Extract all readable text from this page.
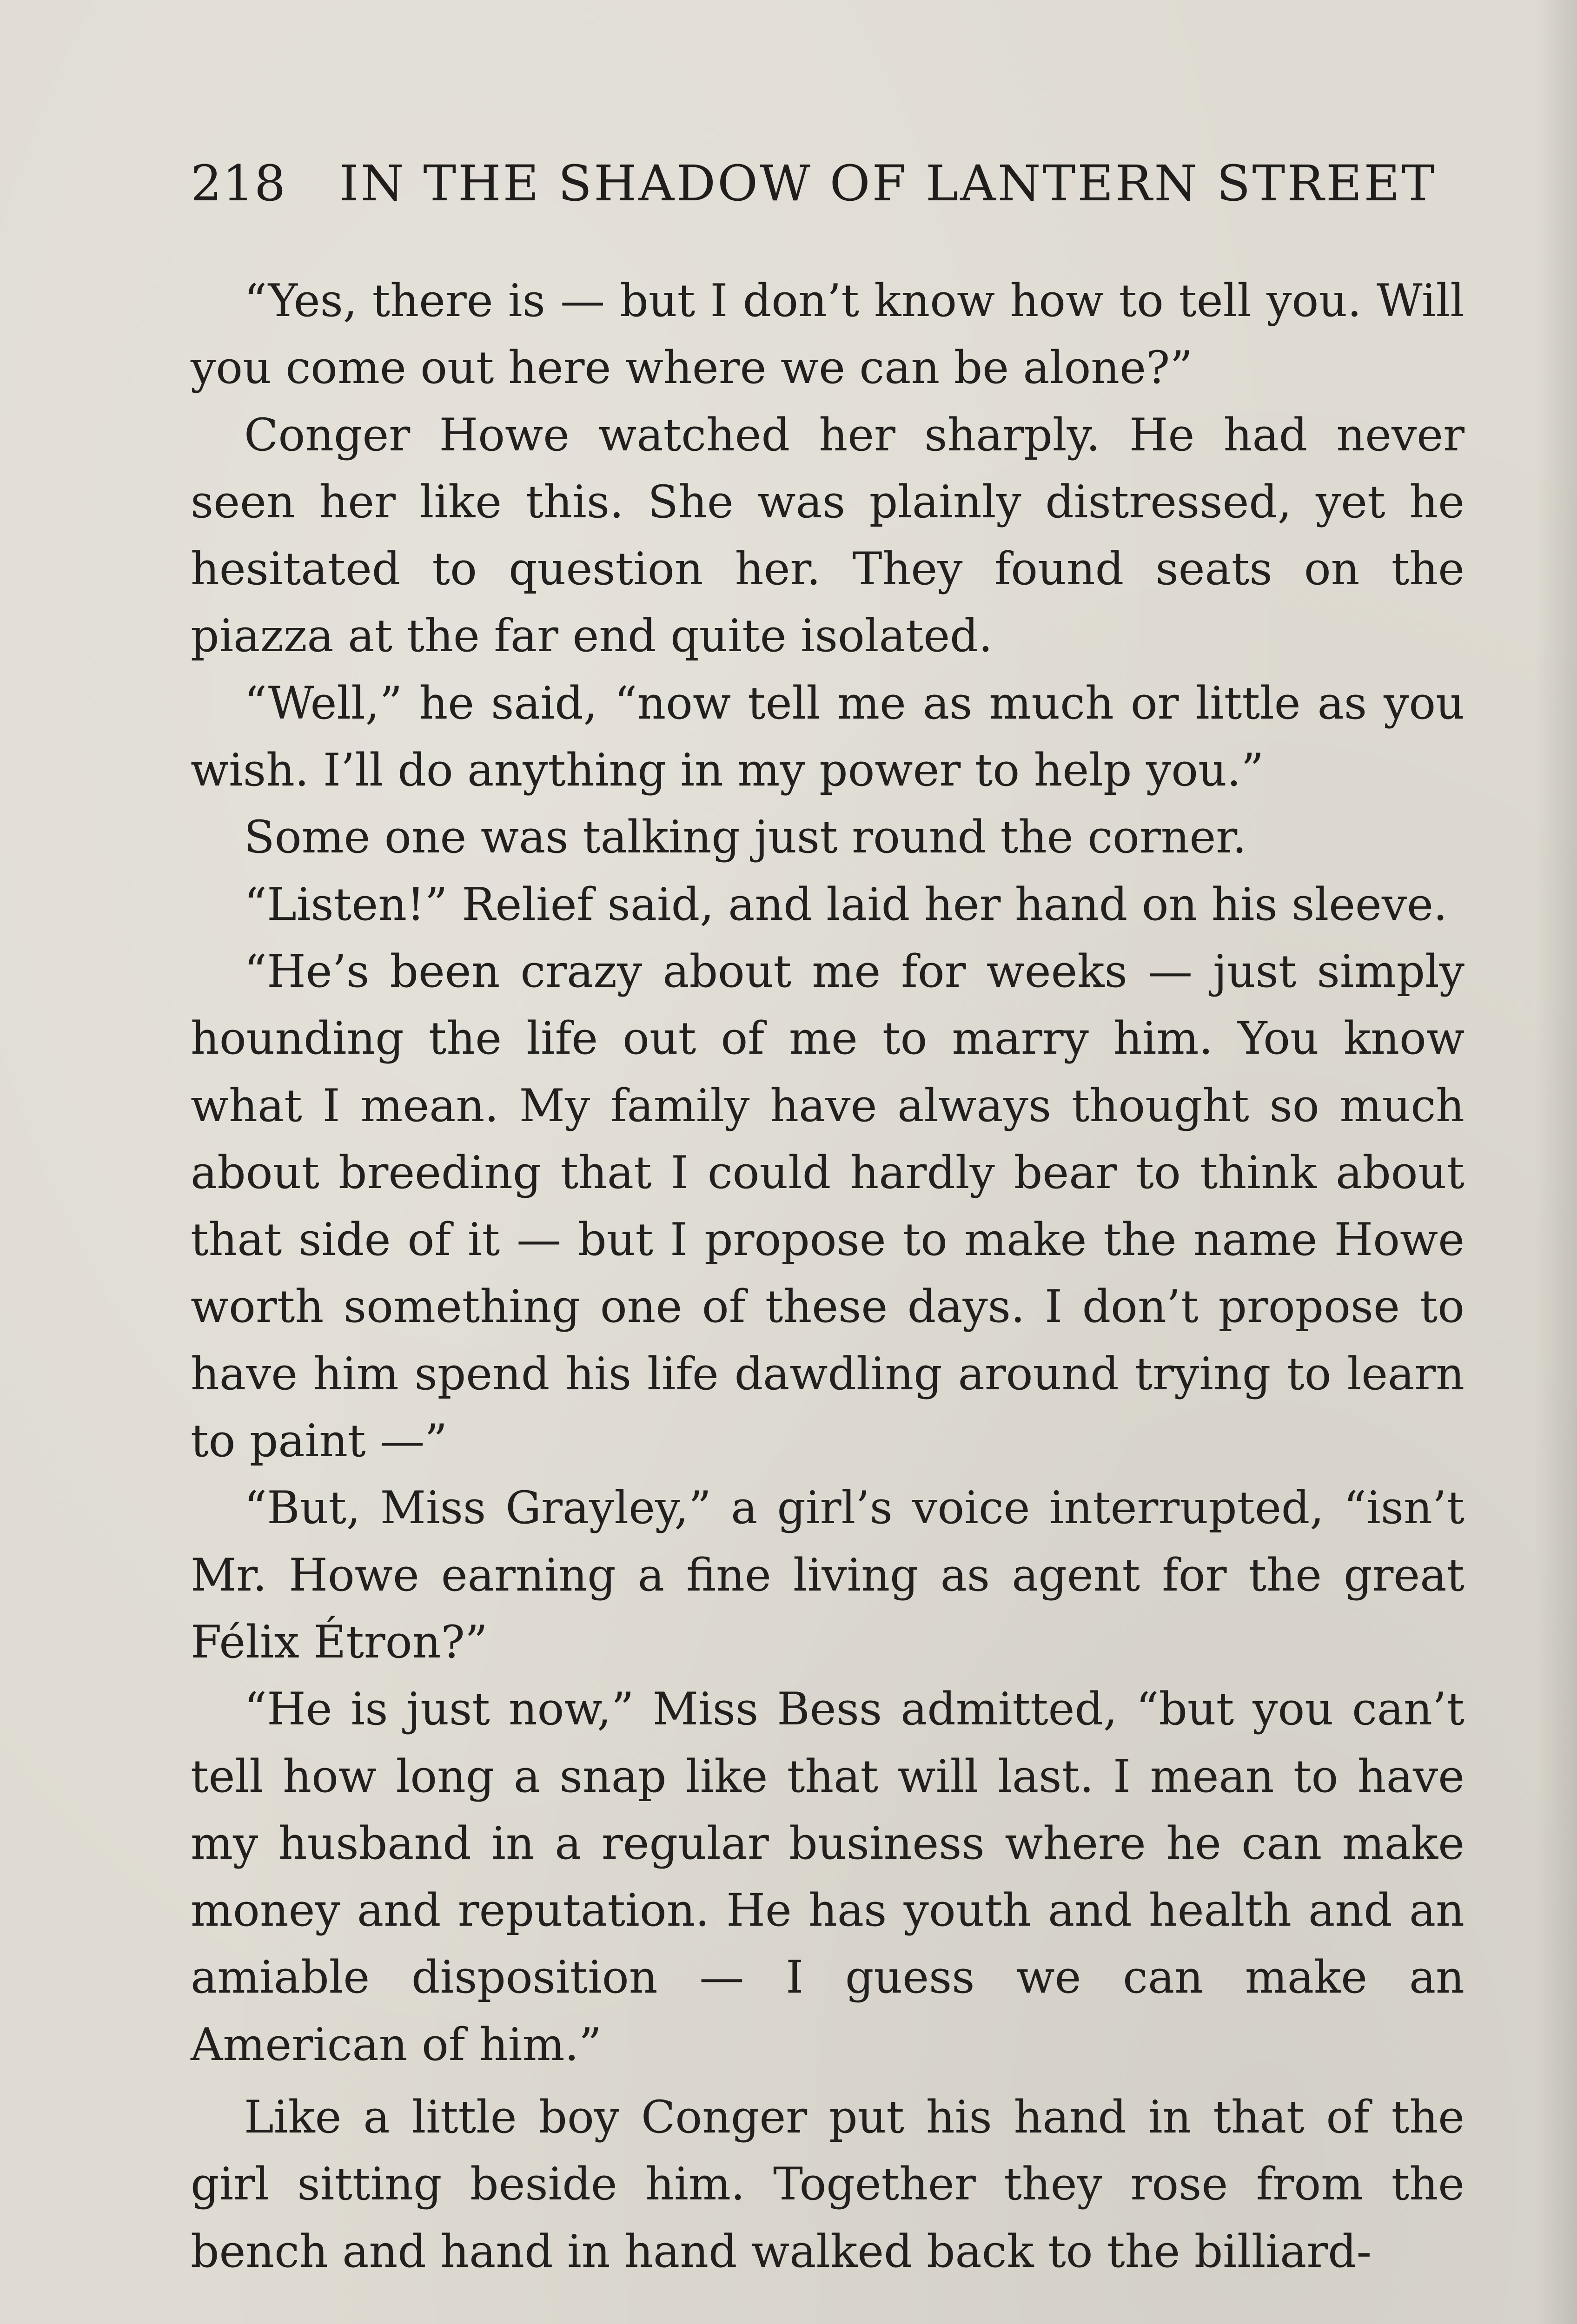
218 IN THE SHADOW OF LANTERN STREET

“Yes, there is — but I don’t know how to tell you. Will you come out here where we can be alone?”

Conger Howe watched her sharply. He had never seen her like this. She was plainly distressed, yet he hesitated to question her. They found seats on the piazza at the far end quite isolated.

“Well,” he said, “now tell me as much or little as you wish. I’ll do anything in my power to help you.”

Some one was talking just round the corner.

“Listen!” Relief said, and laid her hand on his sleeve.

“He’s been crazy about me for weeks — just simply hounding the life out of me to marry him. You know what I mean. My family have always thought so much about breeding that I could hardly bear to think about that side of it — but I propose to make the name Howe worth something one of these days. I don’t propose to have him spend his life dawdling around trying to learn to paint —”

“But, Miss Grayley,” a girl’s voice interrupted, “isn’t Mr. Howe earning a fine living as agent for the great Félix Étron?”

“He is just now,” Miss Bess admitted, “but you can’t tell how long a snap like that will last. I mean to have my husband in a regular business where he can make money and reputation. He has youth and health and an amiable disposition — I guess we can make an American of him.”

Like a little boy Conger put his hand in that of the girl sitting beside him. Together they rose from the bench and hand in hand walked back to the billiard-
